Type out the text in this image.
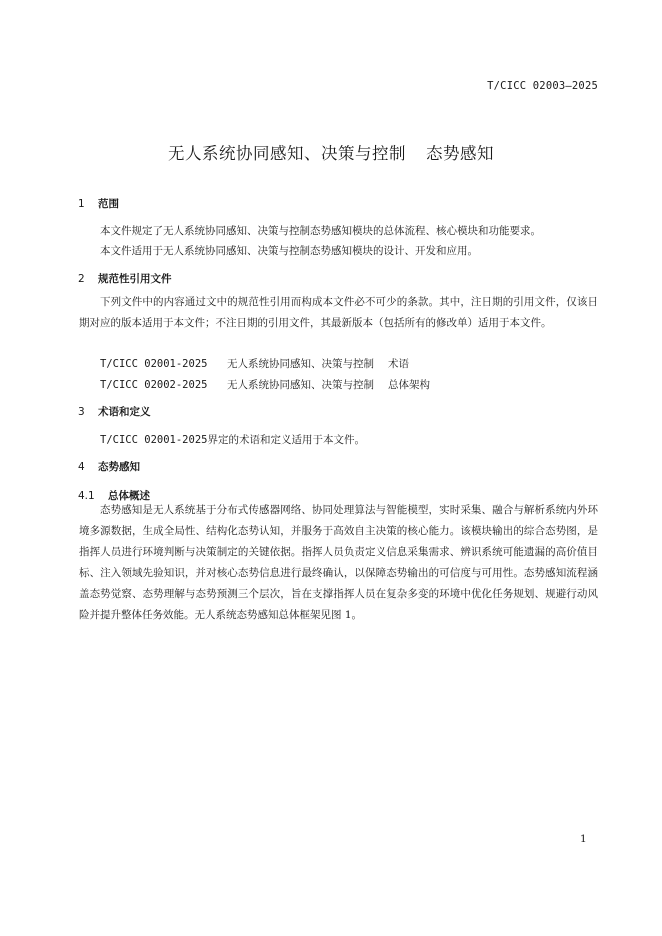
T/CICC 02003—2025
无人系统协同感知、决策与控制 态势感知
1 范围
本文件规定了无人系统协同感知、决策与控制态势感知模块的总体流程、核心模块和功能要求。
本文件适用于无人系统协同感知、决策与控制态势感知模块的设计、开发和应用。
2 规范性引用文件
下列文件中的内容通过文中的规范性引用而构成本文件必不可少的条款。其中，注日期的引用文件，仅该日期对应的版本适用于本文件；不注日期的引用文件，其最新版本（包括所有的修改单）适用于本文件。
T/CICC 02001-2025 无人系统协同感知、决策与控制 术语
T/CICC 02002-2025 无人系统协同感知、决策与控制 总体架构
3 术语和定义
T/CICC 02001-2025界定的术语和定义适用于本文件。
4 态势感知
4.1 总体概述
态势感知是无人系统基于分布式传感器网络、协同处理算法与智能模型，实时采集、融合与解析系统内外环境多源数据，生成全局性、结构化态势认知，并服务于高效自主决策的核心能力。该模块输出的综合态势图，是指挥人员进行环境判断与决策制定的关键依据。指挥人员负责定义信息采集需求、辨识系统可能遗漏的高价值目标、注入领域先验知识，并对核心态势信息进行最终确认，以保障态势输出的可信度与可用性。态势感知流程涵盖态势觉察、态势理解与态势预测三个层次，旨在支撑指挥人员在复杂多变的环境中优化任务规划、规避行动风险并提升整体任务效能。无人系统态势感知总体框架见图 1。
1
